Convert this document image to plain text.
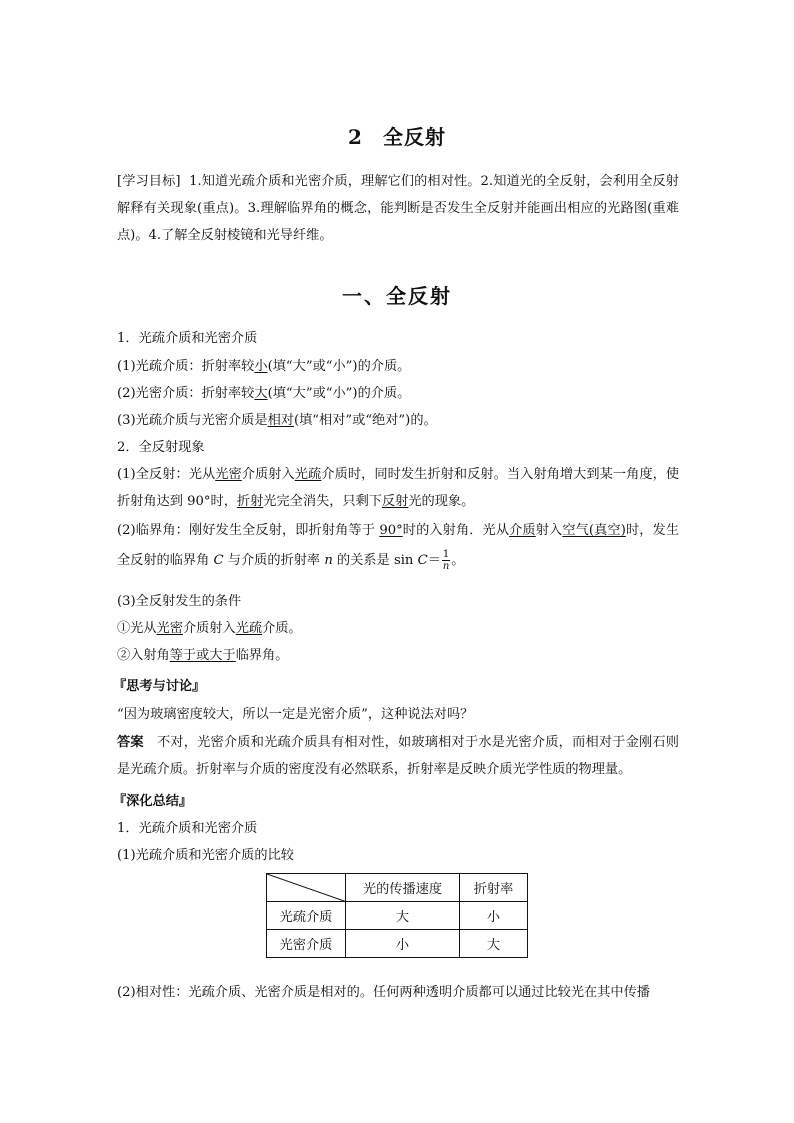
2 全反射
[学习目标] 1.知道光疏介质和光密介质，理解它们的相对性。2.知道光的全反射，会利用全反射解释有关现象(重点)。3.理解临界角的概念，能判断是否发生全反射并能画出相应的光路图(重难点)。4.了解全反射棱镜和光导纤维。
一、全反射
1．光疏介质和光密介质
(1)光疏介质：折射率较小(填“大”或“小”)的介质。
(2)光密介质：折射率较大(填“大”或“小”)的介质。
(3)光疏介质与光密介质是相对(填“相对”或“绝对”)的。
2．全反射现象
(1)全反射：光从光密介质射入光疏介质时，同时发生折射和反射。当入射角增大到某一角度，使折射角达到 90°时，折射光完全消失，只剩下反射光的现象。
(2)临界角：刚好发生全反射，即折射角等于 90°时的入射角．光从介质射入空气(真空)时，发生全反射的临界角 C 与介质的折射率 n 的关系是 $\sin C= \frac{1}{n}$ 。
(3)全反射发生的条件
①光从光密介质射入光疏介质。
②入射角等于或大于临界角。
『思考与讨论』
“因为玻璃密度较大，所以一定是光密介质”，这种说法对吗？
答案 不对，光密介质和光疏介质具有相对性，如玻璃相对于水是光密介质，而相对于金刚石则是光疏介质。折射率与介质的密度没有必然联系，折射率是反映介质光学性质的物理量。
『深化总结』
1．光疏介质和光密介质
(1)光疏介质和光密介质的比较
	光的传播速度	折射率
光疏介质	大	小
光密介质	小	大
(2)相对性：光疏介质、光密介质是相对的。任何两种透明介质都可以通过比较光在其中传播
